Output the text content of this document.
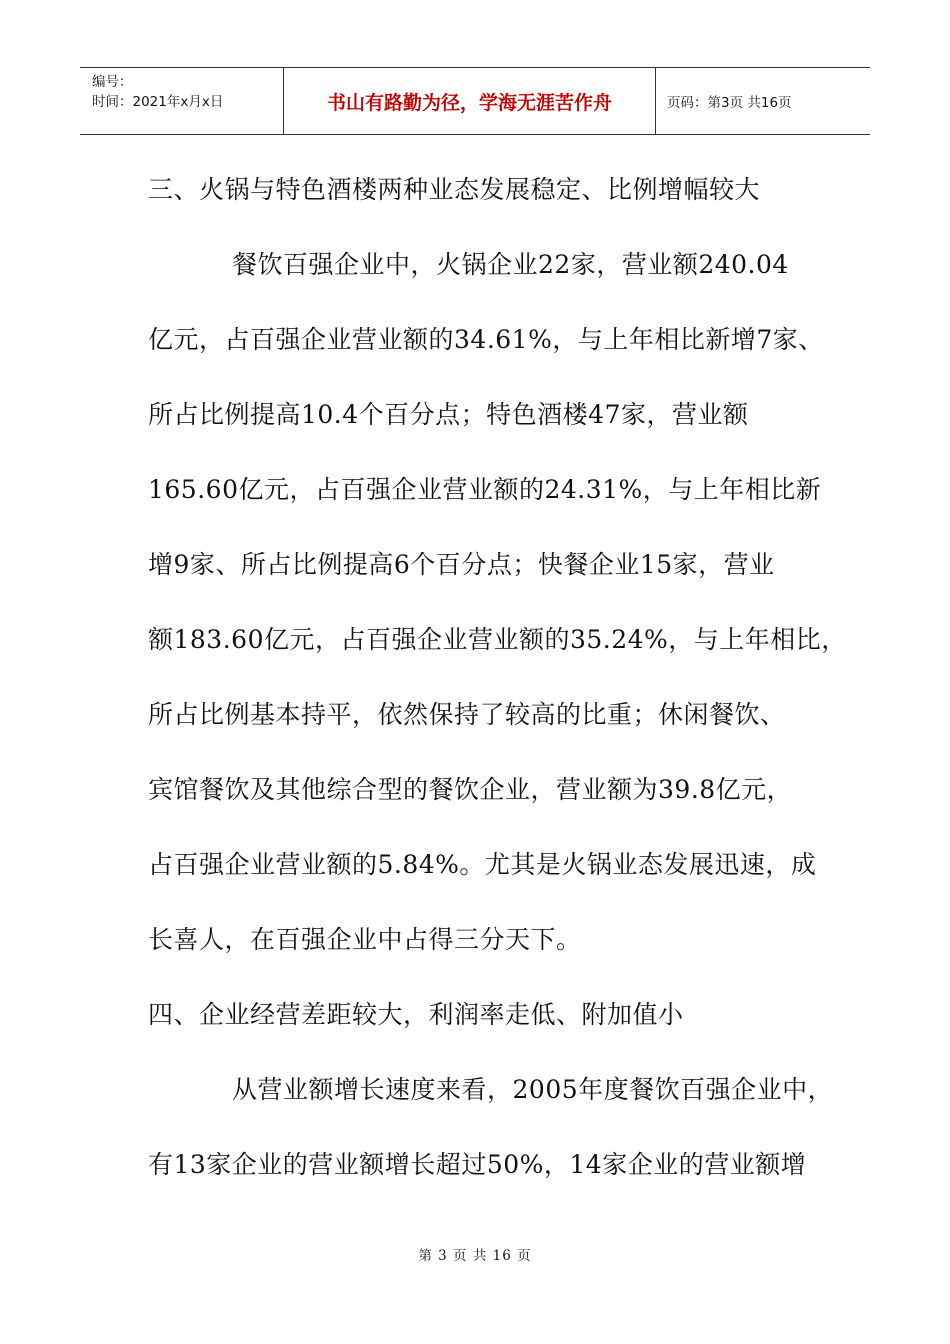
编号：
时间：2021年x月x日	书山有路勤为径，学海无涯苦作舟	页码：第3页 共16页
三、火锅与特色酒楼两种业态发展稳定、比例增幅较大
餐饮百强企业中，火锅企业22家，营业额240.04
亿元，占百强企业营业额的34.61%，与上年相比新增7家、
所占比例提高10.4个百分点；特色酒楼47家，营业额
165.60亿元，占百强企业营业额的24.31%，与上年相比新
增9家、所占比例提高6个百分点；快餐企业15家，营业
额183.60亿元，占百强企业营业额的35.24%，与上年相比，
所占比例基本持平，依然保持了较高的比重；休闲餐饮、
宾馆餐饮及其他综合型的餐饮企业，营业额为39.8亿元，
占百强企业营业额的5.84%。尤其是火锅业态发展迅速，成
长喜人，在百强企业中占得三分天下。
四、企业经营差距较大，利润率走低、附加值小
从营业额增长速度来看，2005年度餐饮百强企业中，
有13家企业的营业额增长超过50%，14家企业的营业额增
第 3 页 共 16 页
